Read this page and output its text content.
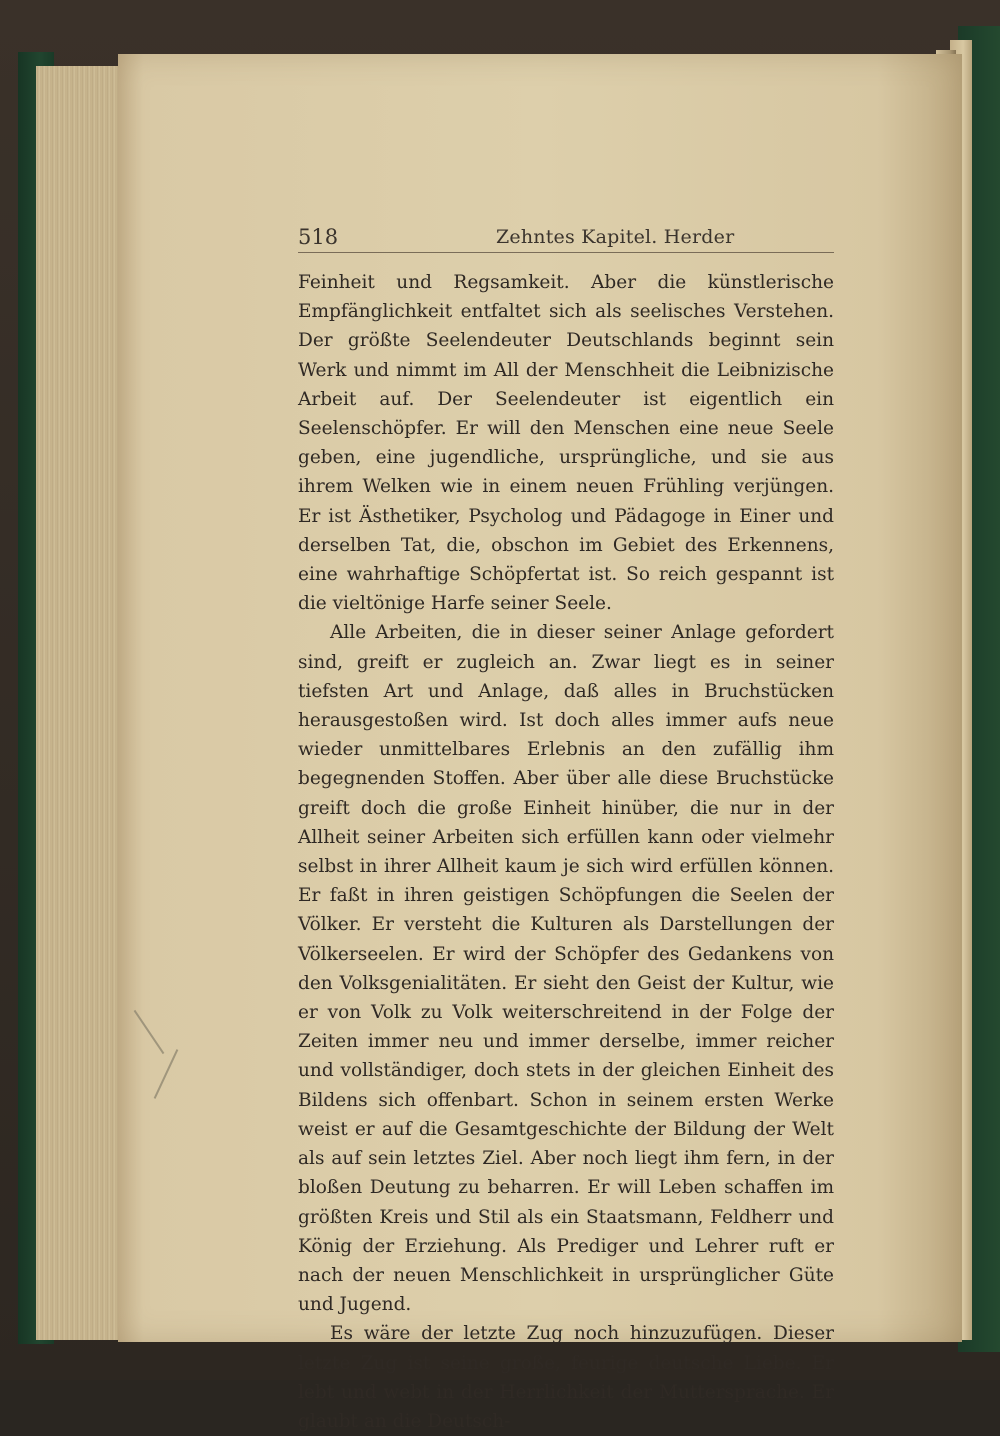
518	Zehntes Kapitel. Herder

Feinheit und Regsamkeit. Aber die künstlerische Empfänglichkeit entfaltet sich als seelisches Verstehen. Der größte Seelendeuter Deutschlands beginnt sein Werk und nimmt im All der Menschheit die Leibnizische Arbeit auf. Der Seelendeuter ist eigentlich ein Seelenschöpfer. Er will den Menschen eine neue Seele geben, eine jugendliche, ursprüngliche, und sie aus ihrem Welken wie in einem neuen Frühling verjüngen. Er ist Ästhetiker, Psycholog und Pädagoge in Einer und derselben Tat, die, obschon im Gebiet des Erkennens, eine wahrhaftige Schöpfertat ist. So reich gespannt ist die vieltönige Harfe seiner Seele.

Alle Arbeiten, die in dieser seiner Anlage gefordert sind, greift er zugleich an. Zwar liegt es in seiner tiefsten Art und Anlage, daß alles in Bruchstücken herausgestoßen wird. Ist doch alles immer aufs neue wieder unmittelbares Erlebnis an den zufällig ihm begegnenden Stoffen. Aber über alle diese Bruchstücke greift doch die große Einheit hinüber, die nur in der Allheit seiner Arbeiten sich erfüllen kann oder vielmehr selbst in ihrer Allheit kaum je sich wird erfüllen können. Er faßt in ihren geistigen Schöpfungen die Seelen der Völker. Er versteht die Kulturen als Darstellungen der Völkerseelen. Er wird der Schöpfer des Gedankens von den Volksgenialitäten. Er sieht den Geist der Kultur, wie er von Volk zu Volk weiterschreitend in der Folge der Zeiten immer neu und immer derselbe, immer reicher und vollständiger, doch stets in der gleichen Einheit des Bildens sich offenbart. Schon in seinem ersten Werke weist er auf die Gesamtgeschichte der Bildung der Welt als auf sein letztes Ziel. Aber noch liegt ihm fern, in der bloßen Deutung zu beharren. Er will Leben schaffen im größten Kreis und Stil als ein Staatsmann, Feldherr und König der Erziehung. Als Prediger und Lehrer ruft er nach der neuen Menschlichkeit in ursprünglicher Güte und Jugend.

Es wäre der letzte Zug noch hinzuzufügen. Dieser letzte Zug ist seine große, feurige deutsche Liebe. Er lebt und webt in der Herrlichkeit der Muttersprache. Er glaubt an die Deutsch-
